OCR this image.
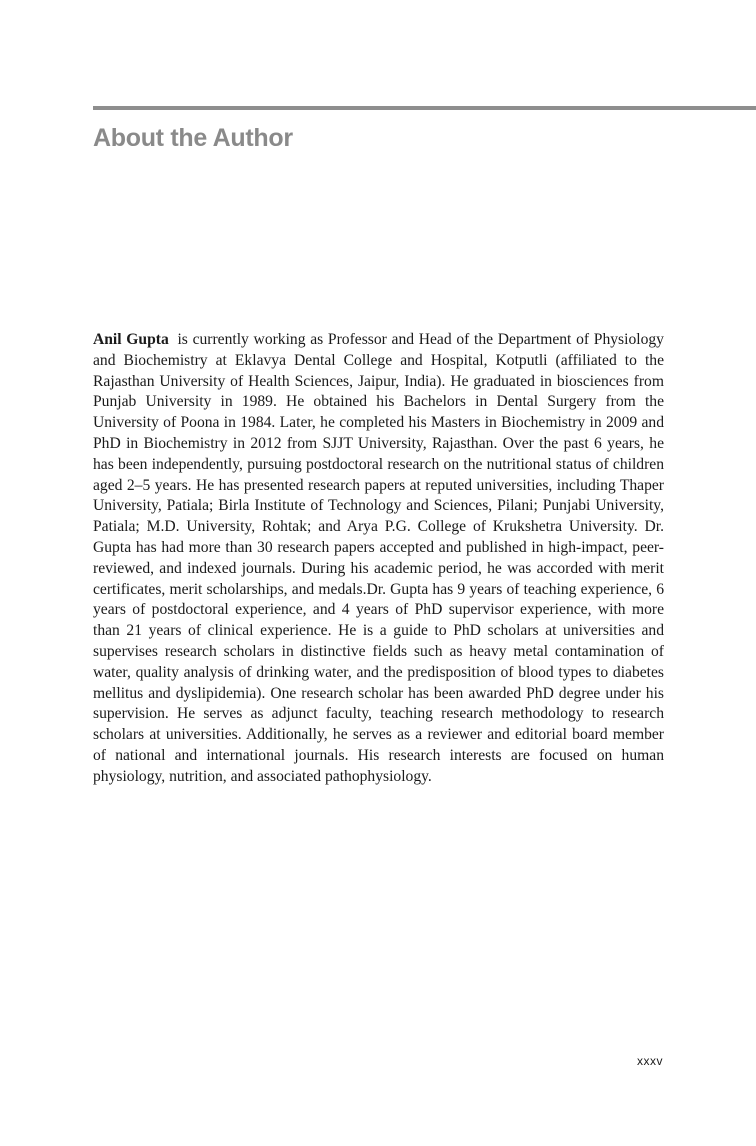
About the Author

Anil Gupta is currently working as Professor and Head of the Department of Physiology and Biochemistry at Eklavya Dental College and Hospital, Kotputli (affiliated to the Rajasthan University of Health Sciences, Jaipur, India). He graduated in biosciences from Punjab University in 1989. He obtained his Bachelors in Dental Surgery from the University of Poona in 1984. Later, he completed his Masters in Biochemistry in 2009 and PhD in Biochemistry in 2012 from SJJT University, Rajasthan. Over the past 6 years, he has been independently, pursuing postdoctoral research on the nutritional status of children aged 2–5 years. He has presented research papers at reputed universities, including Thaper University, Patiala; Birla Institute of Technology and Sciences, Pilani; Punjabi University, Patiala; M.D. University, Rohtak; and Arya P.G. College of Krukshetra University. Dr. Gupta has had more than 30 research papers accepted and published in high-impact, peer-reviewed, and indexed journals. During his academic period, he was accorded with merit certificates, merit scholarships, and medals.Dr. Gupta has 9 years of teaching experience, 6 years of postdoctoral experience, and 4 years of PhD supervisor experience, with more than 21 years of clinical experience. He is a guide to PhD scholars at universities and supervises research scholars in distinctive fields such as heavy metal contamination of water, quality analysis of drinking water, and the predisposition of blood types to diabetes mellitus and dyslipidemia). One research scholar has been awarded PhD degree under his supervision. He serves as adjunct faculty, teaching research methodology to research scholars at universities. Additionally, he serves as a reviewer and editorial board member of national and international journals. His research interests are focused on human physiology, nutrition, and associated pathophysiology.

xxxv
